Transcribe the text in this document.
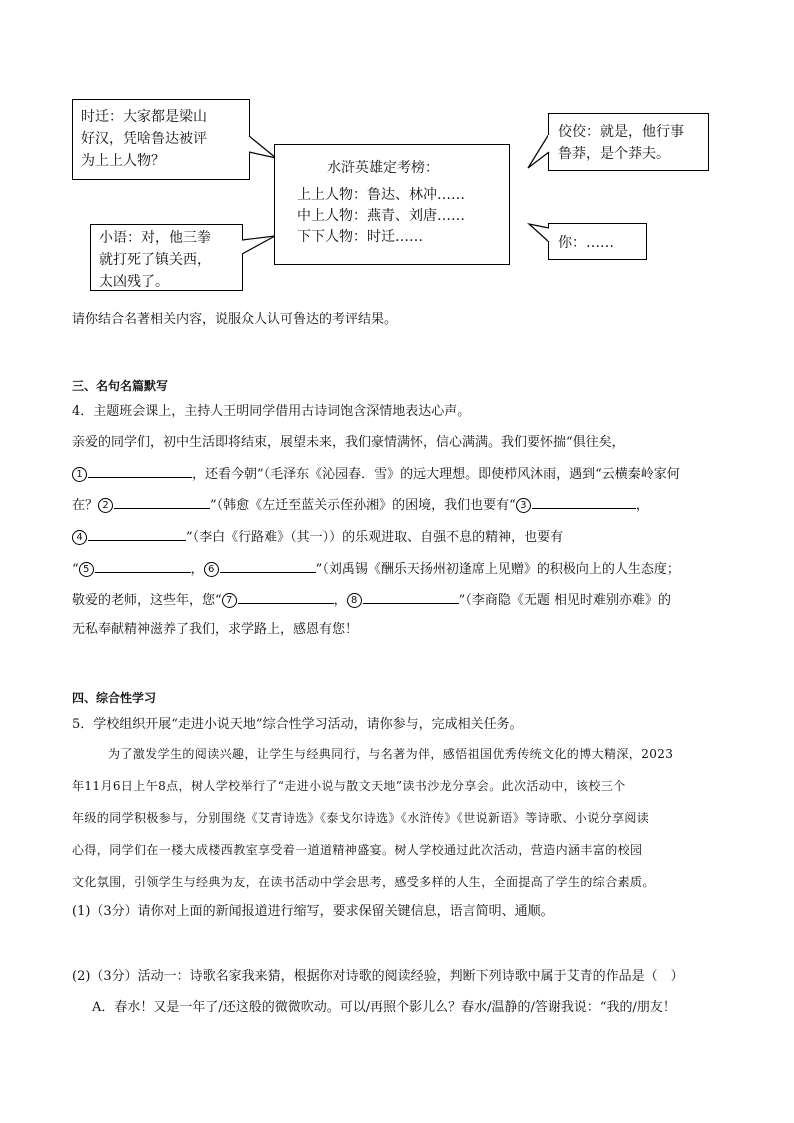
时迁：大家都是梁山
好汉，凭啥鲁达被评
为上上人物？
小语：对，他三拳
就打死了镇关西，
太凶残了。
水浒英雄定考榜：
上上人物：鲁达、林冲……
中上人物：燕青、刘唐……
下下人物：时迁……
佼佼：就是，他行事
鲁莽，是个莽夫。
你：……
请你结合名著相关内容，说服众人认可鲁达的考评结果。
三、名句名篇默写
4．主题班会课上，主持人王明同学借用古诗词饱含深情地表达心声。
亲爱的同学们，初中生活即将结束，展望未来，我们豪情满怀，信心满满。我们要怀揣“俱往矣，
1	，还看今朝”（毛泽东《沁园春．雪》的远大理想。即使栉风沐雨，遇到“云横秦岭家何
在？ 2	”（韩愈《左迁至蓝关示侄孙湘》的困境，我们也要有“ 3	，
4	”（李白《行路难》（其一））的乐观进取、自强不息的精神，也要有
“ 5	， 6	”（刘禹锡《酬乐天扬州初逢席上见赠》的积极向上的人生态度；
敬爱的老师，这些年，您“ 7	， 8	”（李商隐《无题 相见时难别亦难》的
无私奉献精神滋养了我们，求学路上，感恩有您！
四、综合性学习
5．学校组织开展“走进小说天地”综合性学习活动，请你参与，完成相关任务。
为了激发学生的阅读兴趣，让学生与经典同行，与名著为伴，感悟祖国优秀传统文化的博大精深，2023
年11月6日上午8点，树人学校举行了“走进小说与散文天地”读书沙龙分享会。此次活动中，该校三个
年级的同学积极参与，分别围绕《艾青诗选》《泰戈尔诗选》《水浒传》《世说新语》等诗歌、小说分享阅读
心得，同学们在一楼大成楼西教室享受着一道道精神盛宴。树人学校通过此次活动，营造内涵丰富的校园
文化氛围，引领学生与经典为友，在读书活动中学会思考，感受多样的人生，全面提高了学生的综合素质。
(1)（3分）请你对上面的新闻报道进行缩写，要求保留关键信息，语言简明、通顺。
(2)（3分）活动一：诗歌名家我来猜，根据你对诗歌的阅读经验，判断下列诗歌中属于艾青的作品是（　）
A．春水！又是一年了/还这般的微微吹动。可以/再照个影儿么？春水/温静的/答谢我说：“我的/朋友！
